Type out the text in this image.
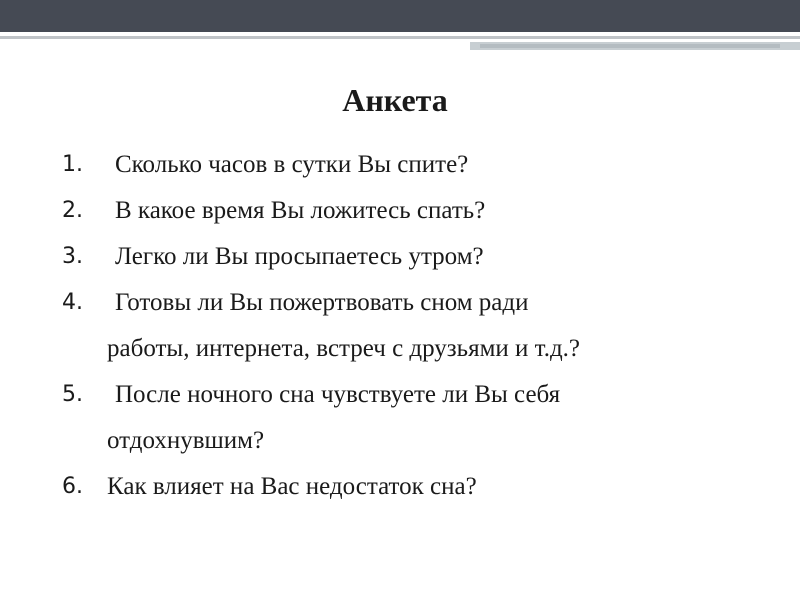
Анкета
1.	Сколько часов в сутки Вы спите?
2.	В какое время Вы ложитесь спать?
3.	Легко ли Вы просыпаетесь утром?
4.	Готовы ли Вы пожертвовать сном ради
работы, интернета, встреч с друзьями и т.д.?
5.	После ночного сна чувствуете ли Вы себя
отдохнувшим?
6. Как влияет на Вас недостаток сна?
